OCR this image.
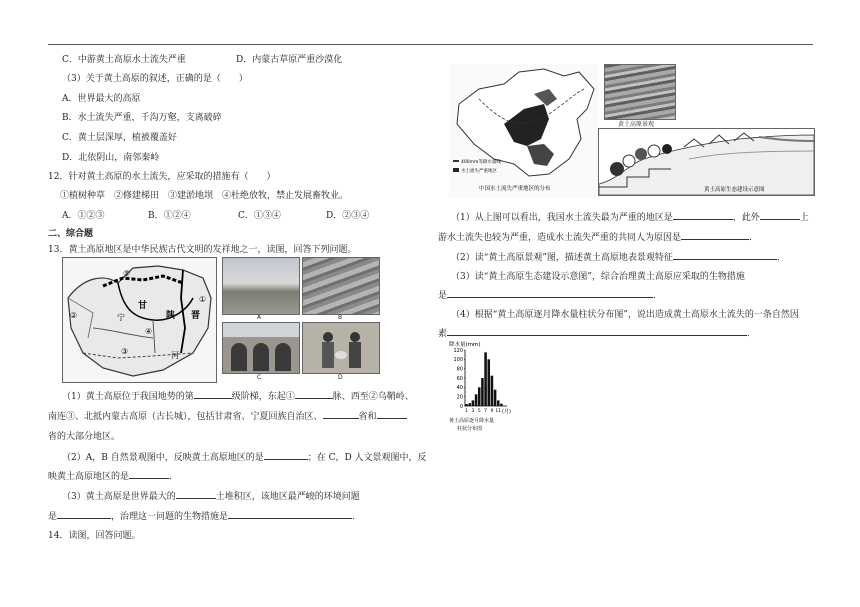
C．中游黄土高原水土流失严重	D．内蒙古草原严重沙漠化
（3）关于黄土高原的叙述，正确的是（　　）
A．世界最大的高原
B．水土流失严重，千沟万壑，支离破碎
C．黄土层深厚，植被覆盖好
D．北依阴山，南邻秦岭
12．针对黄土高原的水土流失，应采取的措施有（　　）
①植树种草　②修建梯田　③建淤地坝　④杜绝放牧，禁止发展畜牧业。
A．①②③	B．①②④	C．①③④	D．②③④
二、综合题
13．黄土高原地区是中华民族古代文明的发祥地之一，读图，回答下列问题。
甘
宁	陕 晋
河
⑤
②
③
④
①
A	B
C	D
（1）黄土高原位于我国地势的第	级阶梯，东起①	脉、西至②乌鞘岭、
南连③、北抵内蒙古高原（古长城），包括甘肃省、宁夏回族自治区、	省和
省的大部分地区。
（2）A，B 自然景观图中，反映黄土高原地区的是	；在 C，D 人文景观图中，反
映黄土高原地区的是	．
（3）黄土高原是世界最大的	土堆积区，该地区最严峻的环境问题
是	，治理这一问题的生物措施是	．
14．读图，回答问题。
400mm等降水量线
水土流失严重地区
中国水土流失严重地区的分布
黄土高原景观
黄土高原生态建设示意图
（1）从上图可以看出，我国水土流失最为严重的地区是	，此外	上
游水土流失也较为严重，造成水土流失严重的共同人为原因是	．
（2）读“黄土高原景观”图，描述黄土高原地表景观特征	．
（3）读“黄土高原生态建设示意图”，综合治理黄土高原应采取的生物措施
是	．
（4）根据“黄土高原逐月降水量柱状分布图”，说出造成黄土高原水土流失的一条自然因
素	．
降水量(mm)
0
20
40
60
80
100
120
1 3 5 7 9 11 (月)
黄土高原逐月降水量
柱状分布图
